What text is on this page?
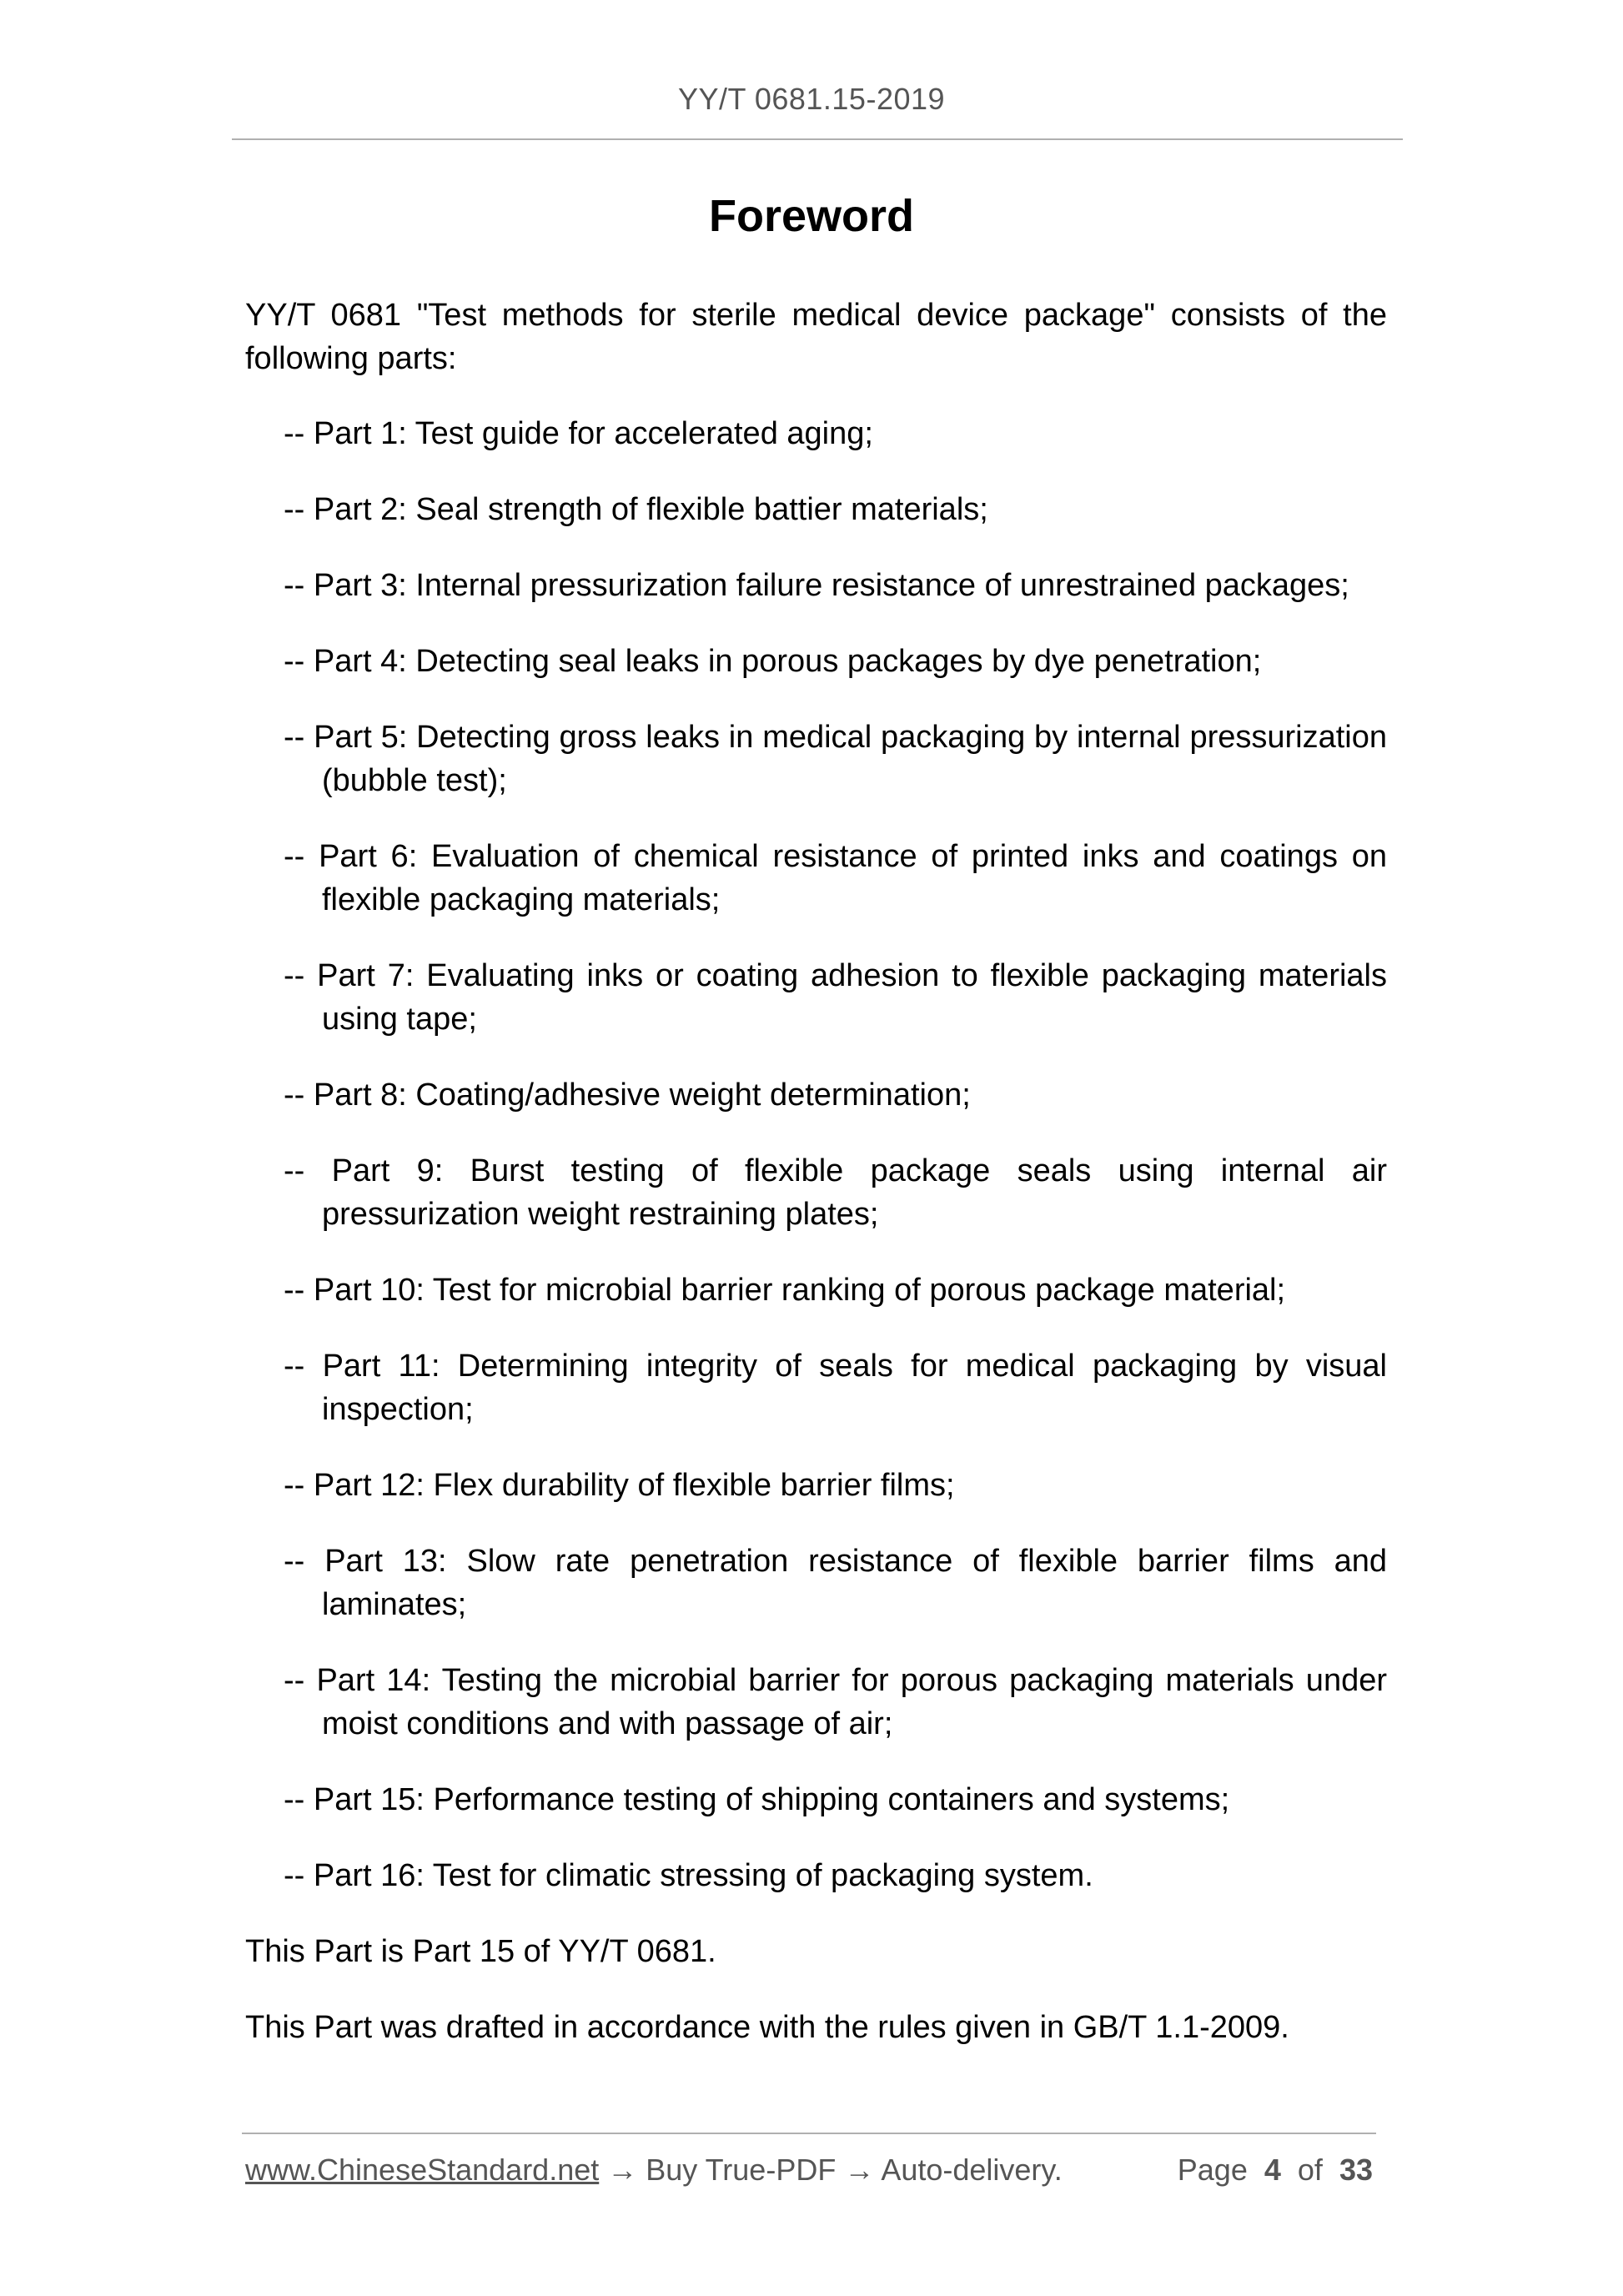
YY/T 0681.15-2019
Foreword

YY/T 0681 "Test methods for sterile medical device package" consists of the following parts:

-- Part 1: Test guide for accelerated aging;
-- Part 2: Seal strength of flexible battier materials;
-- Part 3: Internal pressurization failure resistance of unrestrained packages;
-- Part 4: Detecting seal leaks in porous packages by dye penetration;
-- Part 5: Detecting gross leaks in medical packaging by internal pressurization (bubble test);
-- Part 6: Evaluation of chemical resistance of printed inks and coatings on flexible packaging materials;
-- Part 7: Evaluating inks or coating adhesion to flexible packaging materials using tape;
-- Part 8: Coating/adhesive weight determination;
-- Part 9: Burst testing of flexible package seals using internal air pressurization weight restraining plates;
-- Part 10: Test for microbial barrier ranking of porous package material;
-- Part 11: Determining integrity of seals for medical packaging by visual inspection;
-- Part 12: Flex durability of flexible barrier films;
-- Part 13: Slow rate penetration resistance of flexible barrier films and laminates;
-- Part 14: Testing the microbial barrier for porous packaging materials under moist conditions and with passage of air;
-- Part 15: Performance testing of shipping containers and systems;
-- Part 16: Test for climatic stressing of packaging system.

This Part is Part 15 of YY/T 0681.

This Part was drafted in accordance with the rules given in GB/T 1.1-2009.

www.ChineseStandard.net → Buy True-PDF → Auto-delivery.	Page 4 of 33
